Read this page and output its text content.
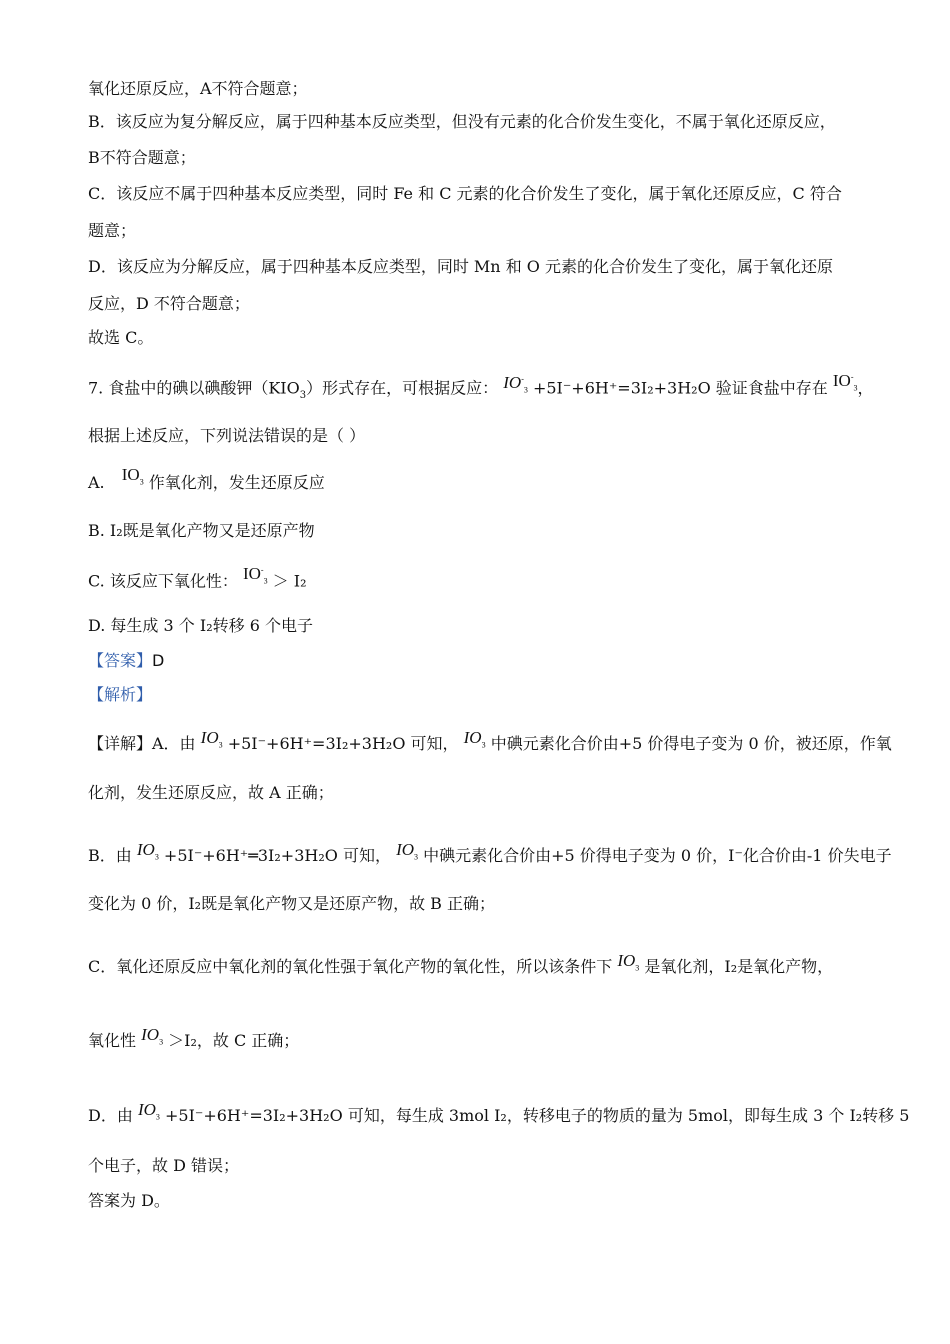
氧化还原反应，A不符合题意；
B．该反应为复分解反应，属于四种基本反应类型，但没有元素的化合价发生变化，不属于氧化还原反应，
B不符合题意；
C．该反应不属于四种基本反应类型，同时 Fe 和 C 元素的化合价发生了变化，属于氧化还原反应，C 符合
题意；
D．该反应为分解反应，属于四种基本反应类型，同时 Mn 和 O 元素的化合价发生了变化，属于氧化还原
反应，D 不符合题意；
故选 C。
7. 食盐中的碘以碘酸钾$(KIO_3)$形式存在，可根据反应： $IO^-_3 +5I^-+6H^+=3I_2+3H_2O$ 验证食盐中存在 $IO^-_3$，
根据上述反应，下列说法错误的是（ ）
A. $IO_3$ 作氧化剂，发生还原反应
B. I₂既是氧化产物又是还原产物
C. 该反应下氧化性： $IO^-_3 > I_2$
D. 每生成 3 个 I₂转移 6 个电子
【答案】D
【解析】
【详解】A．由 $IO_3 +5I^-+6H^+=3I_2+3H_2O$ 可知， $IO_3$ 中碘元素化合价由+5 价得电子变为 0 价，被还原，作氧
化剂，发生还原反应，故 A 正确；
B．由 $IO_3$ +5I⁻+6H⁺═3I₂+3H₂O 可知， $IO_3$ 中碘元素化合价由+5 价得电子变为 0 价，I⁻化合价由-1 价失电子
变化为 0 价，I₂既是氧化产物又是还原产物，故 B 正确；
C．氧化还原反应中氧化剂的氧化性强于氧化产物的氧化性，所以该条件下 $IO_3$ 是氧化剂，I₂是氧化产物，
氧化性 $IO_3 >I_2$，故 C 正确；
D．由 $IO_3 +5I^-+6H^+=3I_2+3H_2O$ 可知，每生成 3mol I₂，转移电子的物质的量为 5mol，即每生成 3 个 I₂转移 5
个电子，故 D 错误；
答案为 D。
